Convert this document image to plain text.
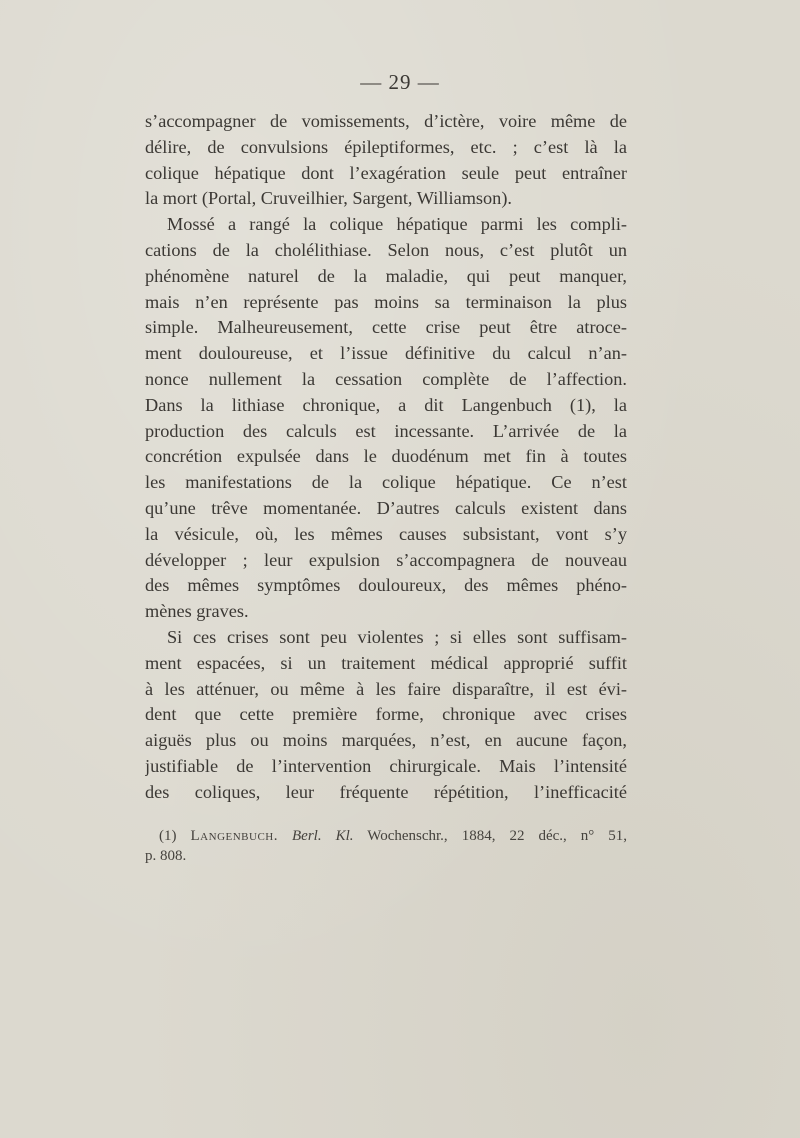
— 29 —
s’accompagner de vomissements, d’ictère, voire même de
délire, de convulsions épileptiformes, etc. ; c’est là la
colique hépatique dont l’exagération seule peut entraîner
la mort (Portal, Cruveilhier, Sargent, Williamson).
Mossé a rangé la colique hépatique parmi les compli-
cations de la cholélithiase. Selon nous, c’est plutôt un
phénomène naturel de la maladie, qui peut manquer,
mais n’en représente pas moins sa terminaison la plus
simple. Malheureusement, cette crise peut être atroce-
ment douloureuse, et l’issue définitive du calcul n’an-
nonce nullement la cessation complète de l’affection.
Dans la lithiase chronique, a dit Langenbuch (1), la
production des calculs est incessante. L’arrivée de la
concrétion expulsée dans le duodénum met fin à toutes
les manifestations de la colique hépatique. Ce n’est
qu’une trêve momentanée. D’autres calculs existent dans
la vésicule, où, les mêmes causes subsistant, vont s’y
développer ; leur expulsion s’accompagnera de nouveau
des mêmes symptômes douloureux, des mêmes phéno-
mènes graves.
Si ces crises sont peu violentes ; si elles sont suffisam-
ment espacées, si un traitement médical approprié suffit
à les atténuer, ou même à les faire disparaître, il est évi-
dent que cette première forme, chronique avec crises
aiguës plus ou moins marquées, n’est, en aucune façon,
justifiable de l’intervention chirurgicale. Mais l’intensité
des coliques, leur fréquente répétition, l’inefficacité
(1) Langenbuch. Berl. Kl. Wochenschr., 1884, 22 déc., n° 51,
p. 808.
